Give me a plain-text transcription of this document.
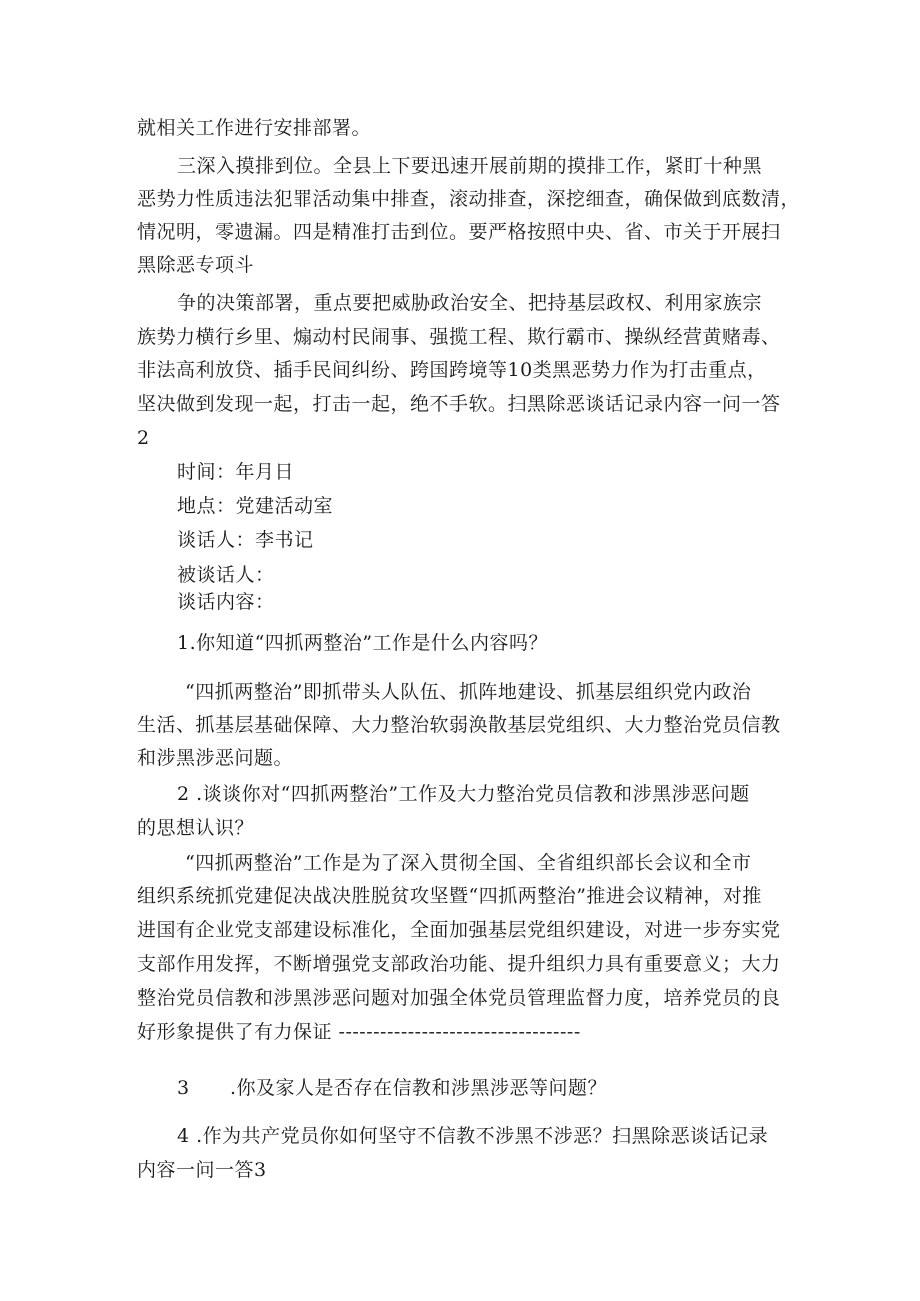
就相关工作进行安排部署。
三深入摸排到位。全县上下要迅速开展前期的摸排工作，紧盯十种黑
恶势力性质违法犯罪活动集中排查，滚动排查，深挖细查，确保做到底数清，
情况明，零遗漏。四是精准打击到位。要严格按照中央、省、市关于开展扫
黑除恶专项斗
争的决策部署，重点要把威胁政治安全、把持基层政权、利用家族宗
族势力横行乡里、煽动村民闹事、强揽工程、欺行霸市、操纵经营黄赌毒、
非法高利放贷、插手民间纠纷、跨国跨境等10类黑恶势力作为打击重点，
坚决做到发现一起，打击一起，绝不手软。扫黑除恶谈话记录内容一问一答
2
时间：年月日
地点：党建活动室
谈话人：李书记
被谈话人：
谈话内容：
1.你知道“四抓两整治”工作是什么内容吗？
“四抓两整治”即抓带头人队伍、抓阵地建设、抓基层组织党内政治
生活、抓基层基础保障、大力整治软弱涣散基层党组织、大力整治党员信教
和涉黑涉恶问题。
2 .谈谈你对“四抓两整治”工作及大力整治党员信教和涉黑涉恶问题
的思想认识？
“四抓两整治”工作是为了深入贯彻全国、全省组织部长会议和全市
组织系统抓党建促决战决胜脱贫攻坚暨“四抓两整治”推进会议精神，对推
进国有企业党支部建设标准化，全面加强基层党组织建设，对进一步夯实党
支部作用发挥，不断增强党支部政治功能、提升组织力具有重要意义；大力
整治党员信教和涉黑涉恶问题对加强全体党员管理监督力度，培养党员的良
好形象提供了有力保证 -----------------------------------
3 .你及家人是否存在信教和涉黑涉恶等问题？
4 .作为共产党员你如何坚守不信教不涉黑不涉恶？扫黑除恶谈话记录
内容一问一答3
